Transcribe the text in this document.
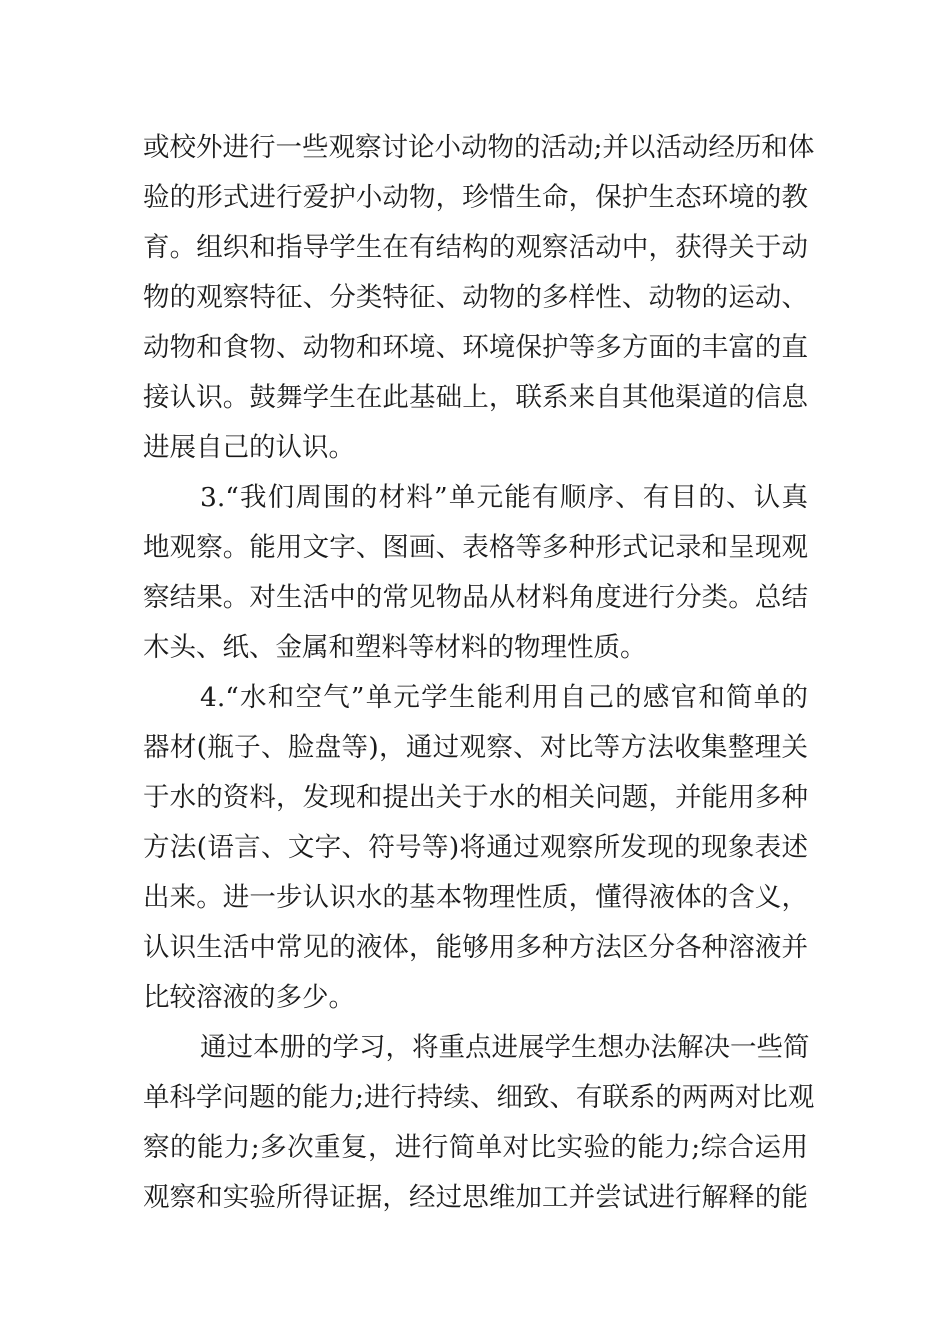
或校外进行一些观察讨论小动物的活动;并以活动经历和体
验的形式进行爱护小动物，珍惜生命，保护生态环境的教
育。组织和指导学生在有结构的观察活动中，获得关于动
物的观察特征、分类特征、动物的多样性、动物的运动、
动物和食物、动物和环境、环境保护等多方面的丰富的直
接认识。鼓舞学生在此基础上，联系来自其他渠道的信息
进展自己的认识。
3.“我们周围的材料”单元能有顺序、有目的、认真
地观察。能用文字、图画、表格等多种形式记录和呈现观
察结果。对生活中的常见物品从材料角度进行分类。总结
木头、纸、金属和塑料等材料的物理性质。
4.“水和空气”单元学生能利用自己的感官和简单的
器材(瓶子、脸盘等)，通过观察、对比等方法收集整理关
于水的资料，发现和提出关于水的相关问题，并能用多种
方法(语言、文字、符号等)将通过观察所发现的现象表述
出来。进一步认识水的基本物理性质，懂得液体的含义，
认识生活中常见的液体，能够用多种方法区分各种溶液并
比较溶液的多少。
通过本册的学习，将重点进展学生想办法解决一些简
单科学问题的能力;进行持续、细致、有联系的两两对比观
察的能力;多次重复，进行简单对比实验的能力;综合运用
观察和实验所得证据，经过思维加工并尝试进行解释的能
